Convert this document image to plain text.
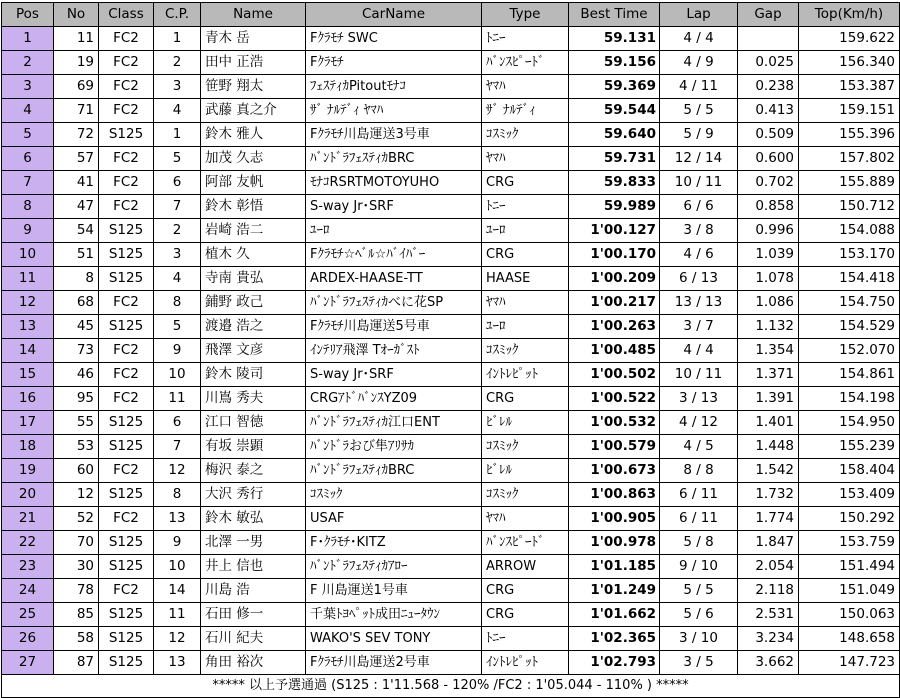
Pos	No	Class	C.P.	Name	CarName	Type	Best Time	Lap	Gap	Top(Km/h)
1	11	FC2	1	青木 岳	Fｸﾗﾓﾁ SWC	ﾄﾆｰ	59.131	4 / 4		159.622
2	19	FC2	2	田中 正浩	Fｸﾗﾓﾁ	ﾊﾞﾝｽﾋﾟｰﾄﾞ	59.156	4 / 9	0.025	156.340
3	69	FC2	3	笹野 翔太	ﾌｪｽﾃｨｶPitoutﾓﾅｺ	ﾔﾏﾊ	59.369	4 / 11	0.238	153.387
4	71	FC2	4	武藤 真之介	ｻﾞ ﾅﾙﾃﾞｨ ﾔﾏﾊ	ｻﾞ ﾅﾙﾃﾞｨ	59.544	5 / 5	0.413	159.151
5	72	S125	1	鈴木 雅人	Fｸﾗﾓﾁ川島運送3号車	ｺｽﾐｯｸ	59.640	5 / 9	0.509	155.396
6	57	FC2	5	加茂 久志	ﾊﾞﾝﾄﾞﾗﾌｪｽﾃｨｶBRC	ﾔﾏﾊ	59.731	12 / 14	0.600	157.802
7	41	FC2	6	阿部 友帆	ﾓﾅｺRSRTMOTOYUHO	CRG	59.833	10 / 11	0.702	155.889
8	47	FC2	7	鈴木 彰悟	S-way Jr･SRF	ﾄﾆｰ	59.989	6 / 6	0.858	150.712
9	54	S125	2	岩崎 浩二	ﾕｰﾛ	ﾕｰﾛ	1'00.127	3 / 8	0.996	154.088
10	51	S125	3	植木 久	Fｸﾗﾓﾁ☆ﾍﾞﾙ☆ﾊﾞｲﾊﾞｰ	CRG	1'00.170	4 / 6	1.039	153.170
11	8	S125	4	寺南 貴弘	ARDEX-HAASE-TT	HAASE	1'00.209	6 / 13	1.078	154.418
12	68	FC2	8	鋪野 政己	ﾊﾞﾝﾄﾞﾗﾌｪｽﾃｨｶべに花SP	ﾔﾏﾊ	1'00.217	13 / 13	1.086	154.750
13	45	S125	5	渡邉 浩之	Fｸﾗﾓﾁ川島運送5号車	ﾕｰﾛ	1'00.263	3 / 7	1.132	154.529
14	73	FC2	9	飛澤 文彦	ｲﾝﾃﾘｱ飛澤 Tｵｰｶﾞｽﾄ	ｺｽﾐｯｸ	1'00.485	4 / 4	1.354	152.070
15	46	FC2	10	鈴木 陵司	S-way Jr･SRF	ｲﾝﾄﾚﾋﾟｯﾄ	1'00.502	10 / 11	1.371	154.861
16	95	FC2	11	川嶌 秀夫	CRGｱﾄﾞﾊﾞﾝｽYZ09	CRG	1'00.522	3 / 13	1.391	154.198
17	55	S125	6	江口 智徳	ﾊﾞﾝﾄﾞﾗﾌｪｽﾃｨｶ江口ENT	ﾋﾞﾚﾙ	1'00.532	4 / 12	1.401	154.950
18	53	S125	7	有坂 崇顕	ﾊﾞﾝﾄﾞﾗおび隼ｱﾘｻｶ	ｺｽﾐｯｸ	1'00.579	4 / 5	1.448	155.239
19	60	FC2	12	梅沢 泰之	ﾊﾞﾝﾄﾞﾗﾌｪｽﾃｨｶBRC	ﾋﾞﾚﾙ	1'00.673	8 / 8	1.542	158.404
20	12	S125	8	大沢 秀行	ｺｽﾐｯｸ	ｺｽﾐｯｸ	1'00.863	6 / 11	1.732	153.409
21	52	FC2	13	鈴木 敏弘	USAF	ﾔﾏﾊ	1'00.905	6 / 11	1.774	150.292
22	70	S125	9	北澤 一男	F･ｸﾗﾓﾁ･KITZ	ﾊﾞﾝｽﾋﾟｰﾄﾞ	1'00.978	5 / 8	1.847	153.759
23	30	S125	10	井上 信也	ﾊﾞﾝﾄﾞﾗﾌｪｽﾃｨｶｱﾛｰ	ARROW	1'01.185	9 / 10	2.054	151.494
24	78	FC2	14	川島 浩	F 川島運送1号車	CRG	1'01.249	5 / 5	2.118	151.049
25	85	S125	11	石田 修一	千葉ﾄﾖﾍﾟｯﾄ成田ﾆｭｰﾀｳﾝ	CRG	1'01.662	5 / 6	2.531	150.063
26	58	S125	12	石川 紀夫	WAKO'S SEV TONY	ﾄﾆｰ	1'02.365	3 / 10	3.234	148.658
27	87	S125	13	角田 裕次	Fｸﾗﾓﾁ川島運送2号車	ｲﾝﾄﾚﾋﾟｯﾄ	1'02.793	3 / 5	3.662	147.723
***** 以上予選通過 (S125 : 1'11.568 - 120% /FC2 : 1'05.044 - 110% ) *****										
